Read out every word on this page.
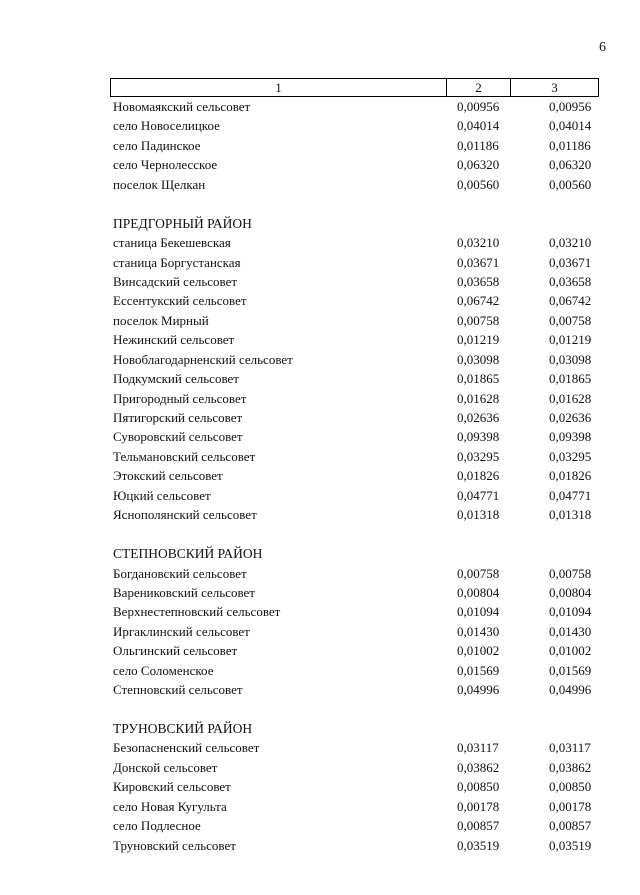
6
1	2	3
Новомаякский сельсовет	0,00956	0,00956
село Новоселицкое	0,04014	0,04014
село Падинское	0,01186	0,01186
село Чернолесское	0,06320	0,06320
поселок Щелкан	0,00560	0,00560
ПРЕДГОРНЫЙ РАЙОН
станица Бекешевская	0,03210	0,03210
станица Боргустанская	0,03671	0,03671
Винсадский сельсовет	0,03658	0,03658
Ессентукский сельсовет	0,06742	0,06742
поселок Мирный	0,00758	0,00758
Нежинский сельсовет	0,01219	0,01219
Новоблагодарненский сельсовет	0,03098	0,03098
Подкумский сельсовет	0,01865	0,01865
Пригородный сельсовет	0,01628	0,01628
Пятигорский сельсовет	0,02636	0,02636
Суворовский сельсовет	0,09398	0,09398
Тельмановский сельсовет	0,03295	0,03295
Этокский сельсовет	0,01826	0,01826
Юцкий сельсовет	0,04771	0,04771
Яснополянский сельсовет	0,01318	0,01318
СТЕПНОВСКИЙ РАЙОН
Богдановский сельсовет	0,00758	0,00758
Варениковский сельсовет	0,00804	0,00804
Верхнестепновский сельсовет	0,01094	0,01094
Иргаклинский сельсовет	0,01430	0,01430
Ольгинский сельсовет	0,01002	0,01002
село Соломенское	0,01569	0,01569
Степновский сельсовет	0,04996	0,04996
ТРУНОВСКИЙ РАЙОН
Безопасненский сельсовет	0,03117	0,03117
Донской сельсовет	0,03862	0,03862
Кировский сельсовет	0,00850	0,00850
село Новая Кугульта	0,00178	0,00178
село Подлесное	0,00857	0,00857
Труновский сельсовет	0,03519	0,03519
